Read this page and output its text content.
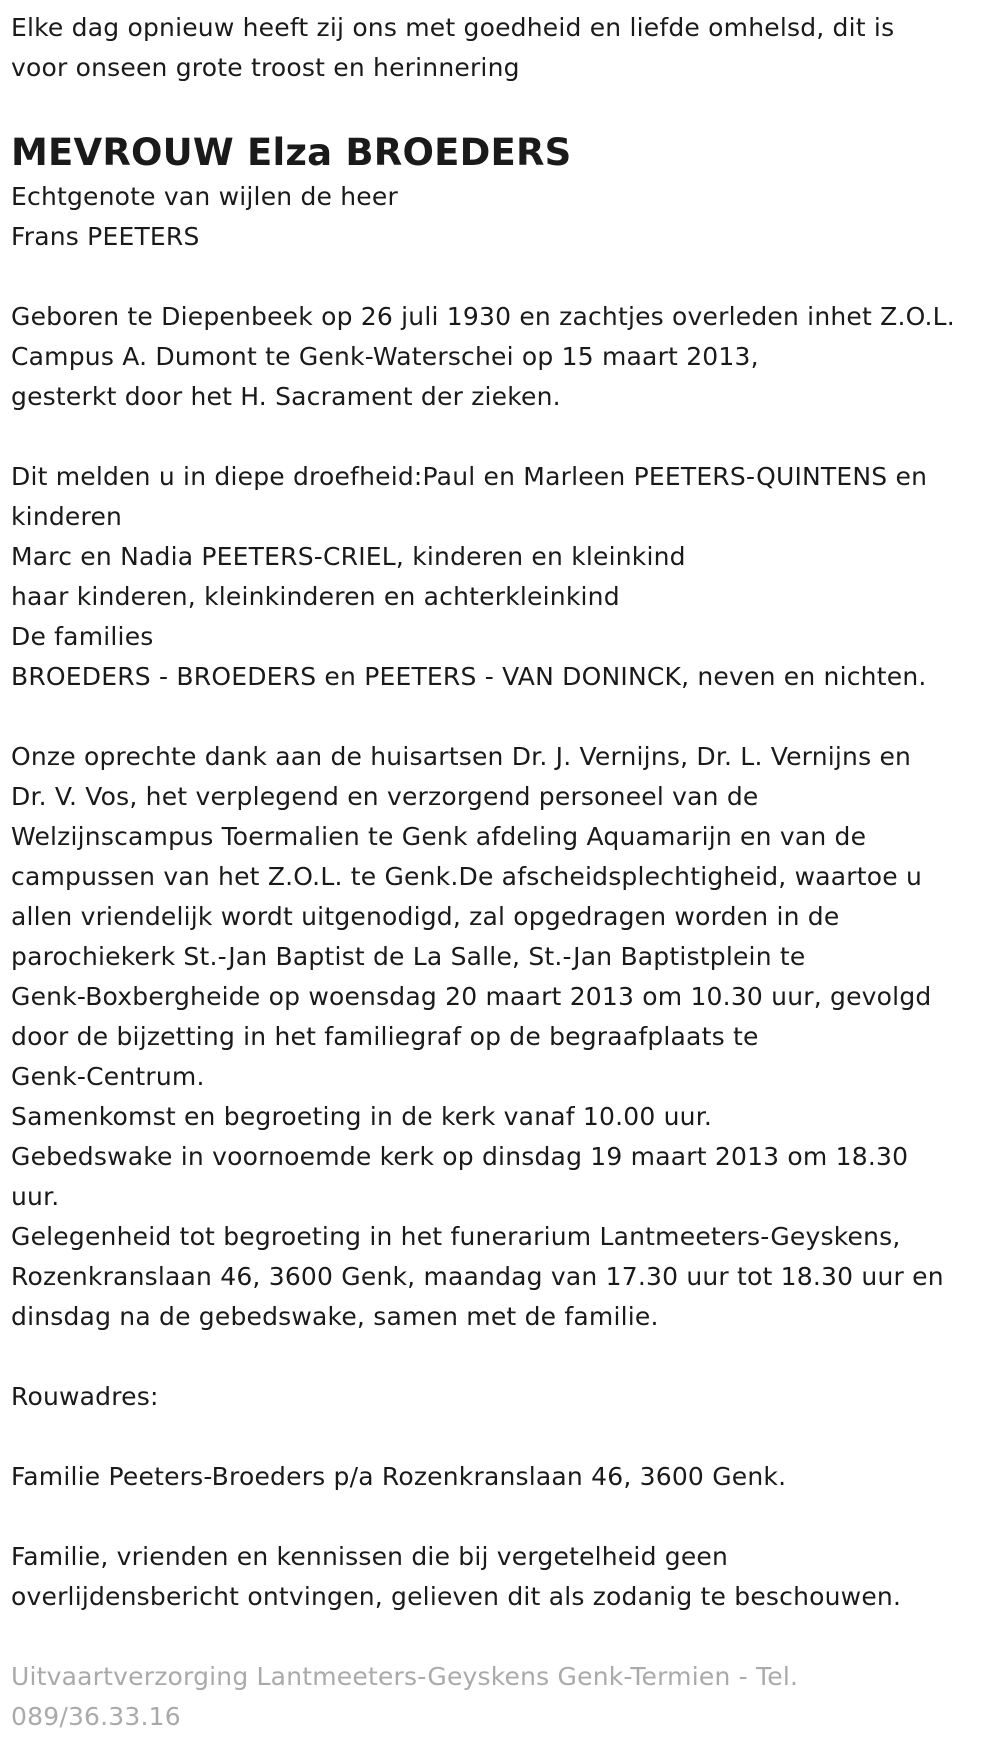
Elke dag opnieuw heeft zij ons met goedheid en liefde omhelsd, dit is
voor onseen grote troost en herinnering

MEVROUW Elza BROEDERS

Echtgenote van wijlen de heer
Frans PEETERS

Geboren te Diepenbeek op 26 juli 1930 en zachtjes overleden inhet Z.O.L.
Campus A. Dumont te Genk-Waterschei op 15 maart 2013,
gesterkt door het H. Sacrament der zieken.

Dit melden u in diepe droefheid:Paul en Marleen PEETERS-QUINTENS en
kinderen
Marc en Nadia PEETERS-CRIEL, kinderen en kleinkind
haar kinderen, kleinkinderen en achterkleinkind
De families
BROEDERS - BROEDERS en PEETERS - VAN DONINCK, neven en nichten.

Onze oprechte dank aan de huisartsen Dr. J. Vernijns, Dr. L. Vernijns en
Dr. V. Vos, het verplegend en verzorgend personeel van de
Welzijnscampus Toermalien te Genk afdeling Aquamarijn en van de
campussen van het Z.O.L. te Genk.De afscheidsplechtigheid, waartoe u
allen vriendelijk wordt uitgenodigd, zal opgedragen worden in de
parochiekerk St.-Jan Baptist de La Salle, St.-Jan Baptistplein te
Genk-Boxbergheide op woensdag 20 maart 2013 om 10.30 uur, gevolgd
door de bijzetting in het familiegraf op de begraafplaats te
Genk-Centrum.
Samenkomst en begroeting in de kerk vanaf 10.00 uur.
Gebedswake in voornoemde kerk op dinsdag 19 maart 2013 om 18.30
uur.
Gelegenheid tot begroeting in het funerarium Lantmeeters-Geyskens,
Rozenkranslaan 46, 3600 Genk, maandag van 17.30 uur tot 18.30 uur en
dinsdag na de gebedswake, samen met de familie.

Rouwadres:

Familie Peeters-Broeders p/a Rozenkranslaan 46, 3600 Genk.

Familie, vrienden en kennissen die bij vergetelheid geen
overlijdensbericht ontvingen, gelieven dit als zodanig te beschouwen.

Uitvaartverzorging Lantmeeters-Geyskens Genk-Termien - Tel.
089/36.33.16
